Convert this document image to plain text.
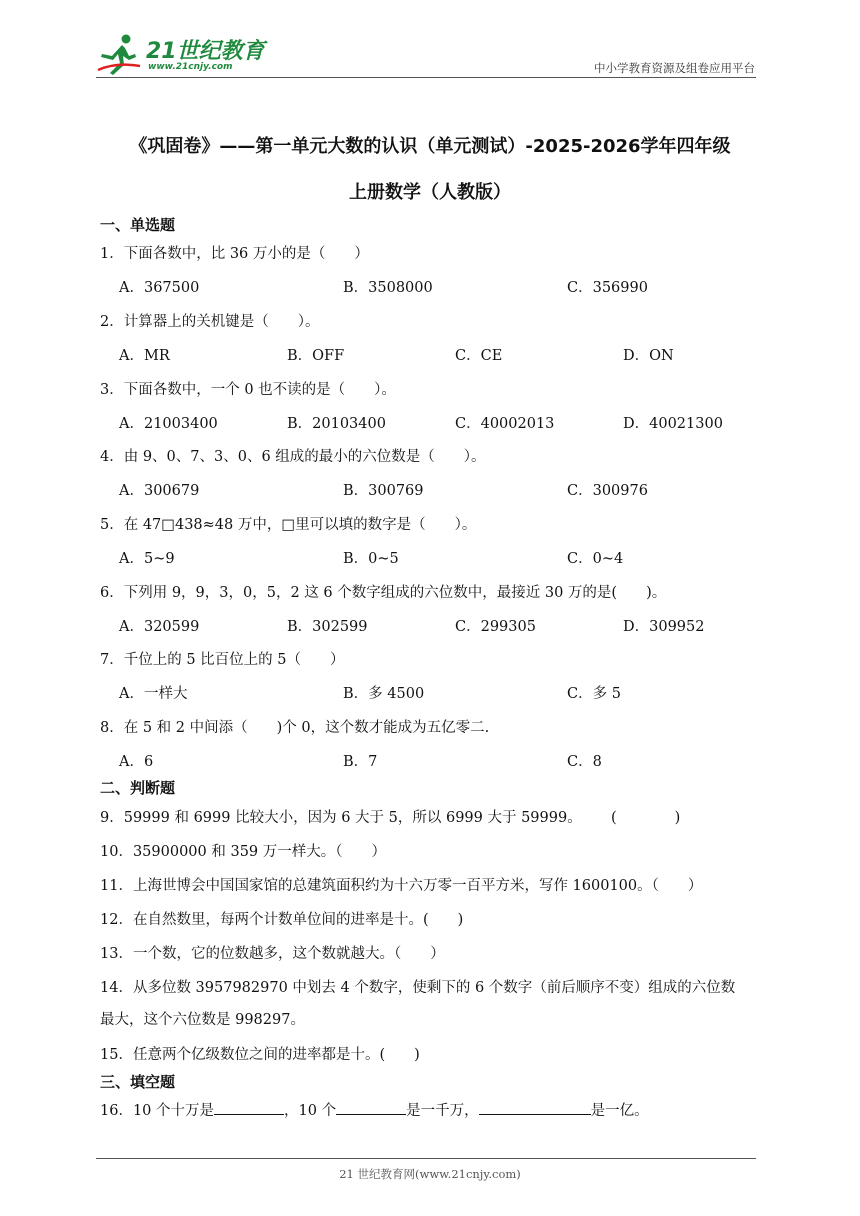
21世纪教育
www.21cnjy.com	中小学教育资源及组卷应用平台
《巩固卷》——第一单元大数的认识（单元测试）-2025-2026学年四年级
上册数学（人教版）
一、单选题
1．下面各数中，比 36 万小的是（　　）
A．367500	B．3508000	C．356990
2．计算器上的关机键是（　　）。
A．MR	B．OFF	C．CE	D．ON
3．下面各数中，一个 0 也不读的是（　　）。
A．21003400	B．20103400	C．40002013	D．40021300
4．由 9、0、7、3、0、6 组成的最小的六位数是（　　）。
A．300679	B．300769	C．300976
5．在 47□438≈48 万中，□里可以填的数字是（　　）。
A．5~9	B．0~5	C．0~4
6．下列用 9，9，3，0，5，2 这 6 个数字组成的六位数中，最接近 30 万的是(　　)。
A．320599	B．302599	C．299305	D．309952
7．千位上的 5 比百位上的 5（　　）
A．一样大	B．多 4500	C．多 5
8．在 5 和 2 中间添（　　)个 0，这个数才能成为五亿零二.
A．6	B．7	C．8
二、判断题
9．59999 和 6999 比较大小，因为 6 大于 5，所以 6999 大于 59999。 (　　　　)
10．35900000 和 359 万一样大。（　　）
11．上海世博会中国国家馆的总建筑面积约为十六万零一百平方米，写作 1600100。（　　）
12．在自然数里，每两个计数单位间的进率是十。(　　)
13．一个数，它的位数越多，这个数就越大。（　　）
14．从多位数 3957982970 中划去 4 个数字，使剩下的 6 个数字（前后顺序不变）组成的六位数
最大，这个六位数是 998297。
15．任意两个亿级数位之间的进率都是十。(　　)
三、填空题
16．10 个十万是	，10 个	是一千万，	是一亿。
21 世纪教育网(www.21cnjy.com)
